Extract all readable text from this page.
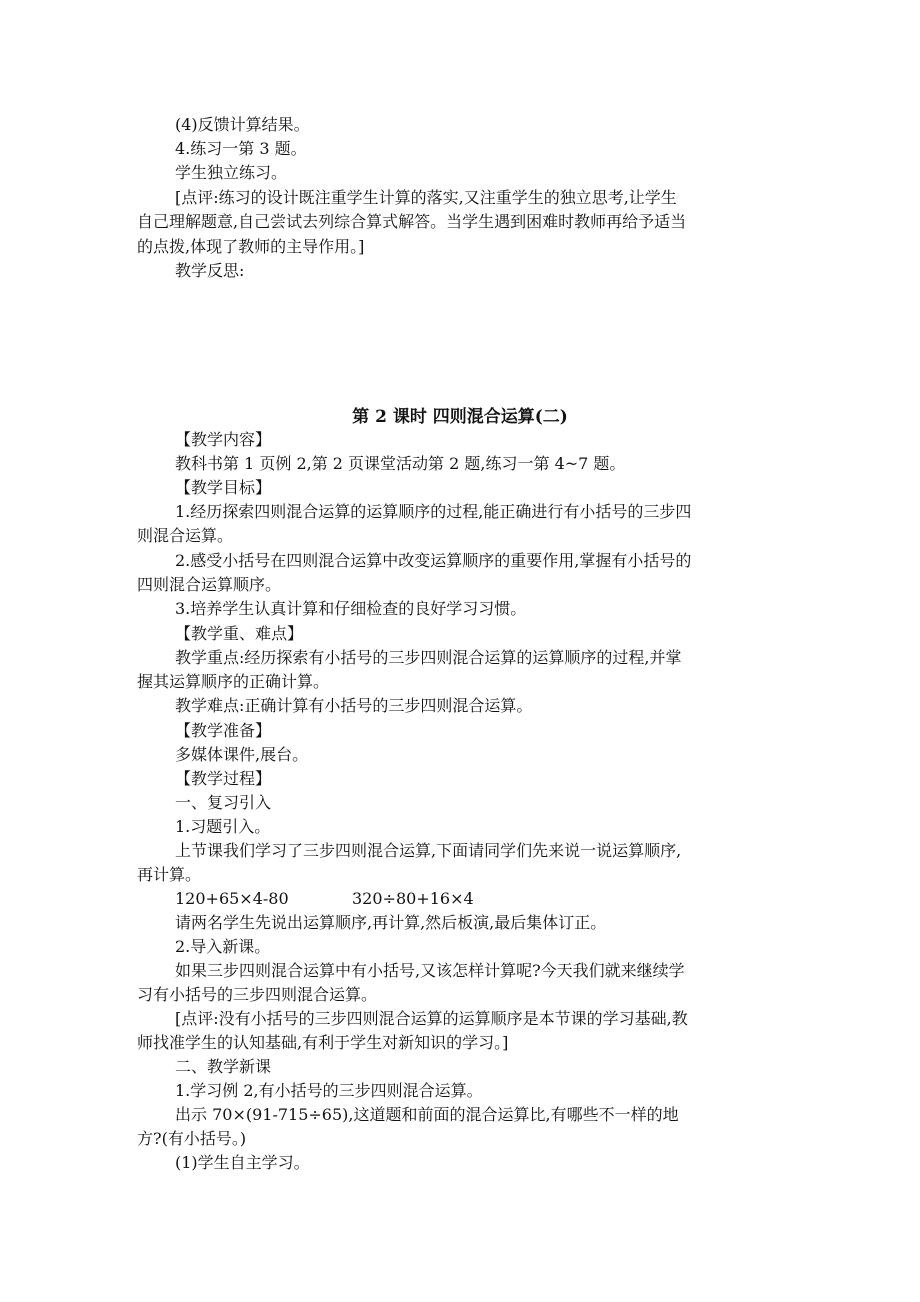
(4)反馈计算结果。
4.练习一第 3 题。
学生独立练习。
[点评:练习的设计既注重学生计算的落实,又注重学生的独立思考,让学生
自己理解题意,自己尝试去列综合算式解答。当学生遇到困难时教师再给予适当
的点拨,体现了教师的主导作用。]
教学反思:
第 2 课时 四则混合运算(二)
【教学内容】
教科书第 1 页例 2,第 2 页课堂活动第 2 题,练习一第 4~7 题。
【教学目标】
1.经历探索四则混合运算的运算顺序的过程,能正确进行有小括号的三步四
则混合运算。
2.感受小括号在四则混合运算中改变运算顺序的重要作用,掌握有小括号的
四则混合运算顺序。
3.培养学生认真计算和仔细检查的良好学习习惯。
【教学重、难点】
教学重点:经历探索有小括号的三步四则混合运算的运算顺序的过程,并掌
握其运算顺序的正确计算。
教学难点:正确计算有小括号的三步四则混合运算。
【教学准备】
多媒体课件,展台。
【教学过程】
一、复习引入
1.习题引入。
上节课我们学习了三步四则混合运算,下面请同学们先来说一说运算顺序,
再计算。
120+65×4-80	320÷80+16×4
请两名学生先说出运算顺序,再计算,然后板演,最后集体订正。
2.导入新课。
如果三步四则混合运算中有小括号,又该怎样计算呢?今天我们就来继续学
习有小括号的三步四则混合运算。
[点评:没有小括号的三步四则混合运算的运算顺序是本节课的学习基础,教
师找准学生的认知基础,有利于学生对新知识的学习。]
二、教学新课
1.学习例 2,有小括号的三步四则混合运算。
出示 70×(91-715÷65),这道题和前面的混合运算比,有哪些不一样的地
方?(有小括号。)
(1)学生自主学习。
